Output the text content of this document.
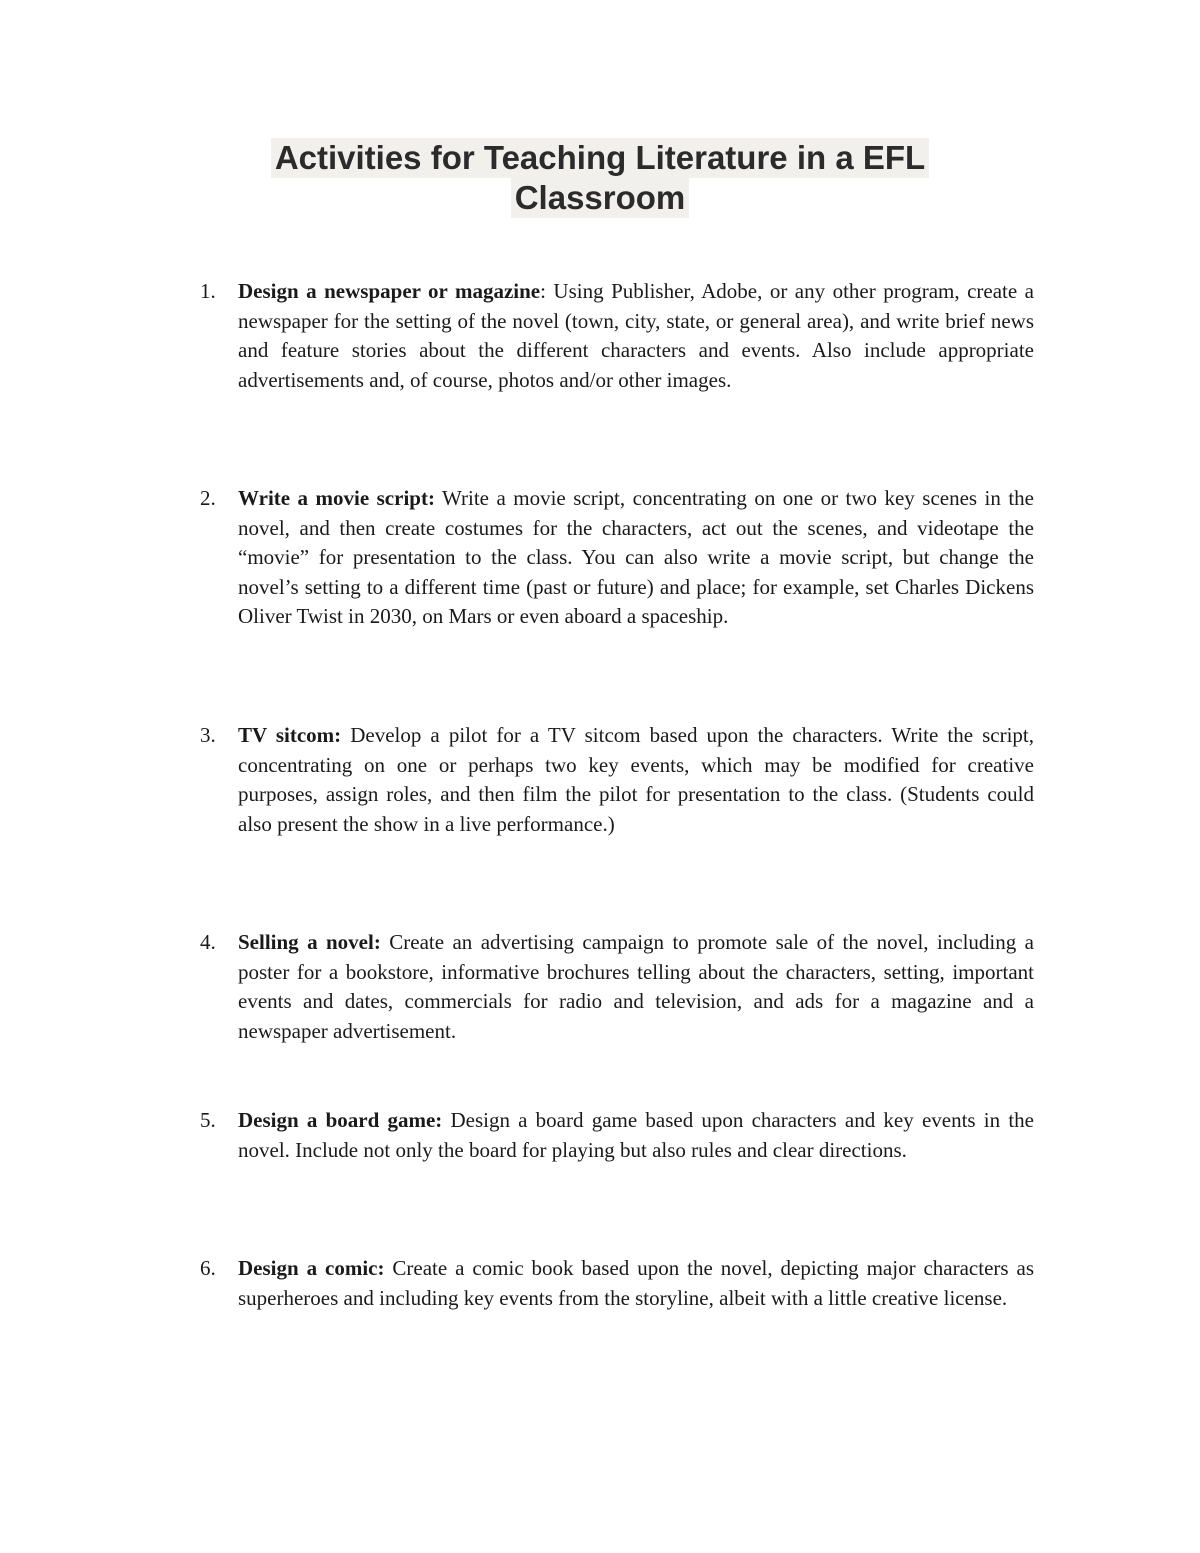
Activities for Teaching Literature in a EFL
Classroom
1.	Design a newspaper or magazine: Using Publisher, Adobe, or any other program, create a newspaper for the setting of the novel (town, city, state, or general area), and write brief news and feature stories about the different characters and events. Also include appropriate advertisements and, of course, photos and/or other images.
2.	Write a movie script: Write a movie script, concentrating on one or two key scenes in the novel, and then create costumes for the characters, act out the scenes, and videotape the “movie” for presentation to the class. You can also write a movie script, but change the novel’s setting to a different time (past or future) and place; for example, set Charles Dickens Oliver Twist in 2030, on Mars or even aboard a spaceship.
3.	TV sitcom: Develop a pilot for a TV sitcom based upon the characters. Write the script, concentrating on one or perhaps two key events, which may be modified for creative purposes, assign roles, and then film the pilot for presentation to the class. (Students could also present the show in a live performance.)
4.	Selling a novel: Create an advertising campaign to promote sale of the novel, including a poster for a bookstore, informative brochures telling about the characters, setting, important events and dates, commercials for radio and television, and ads for a magazine and a newspaper advertisement.
5.	Design a board game: Design a board game based upon characters and key events in the novel. Include not only the board for playing but also rules and clear directions.
6.	Design a comic: Create a comic book based upon the novel, depicting major characters as superheroes and including key events from the storyline, albeit with a little creative license.
